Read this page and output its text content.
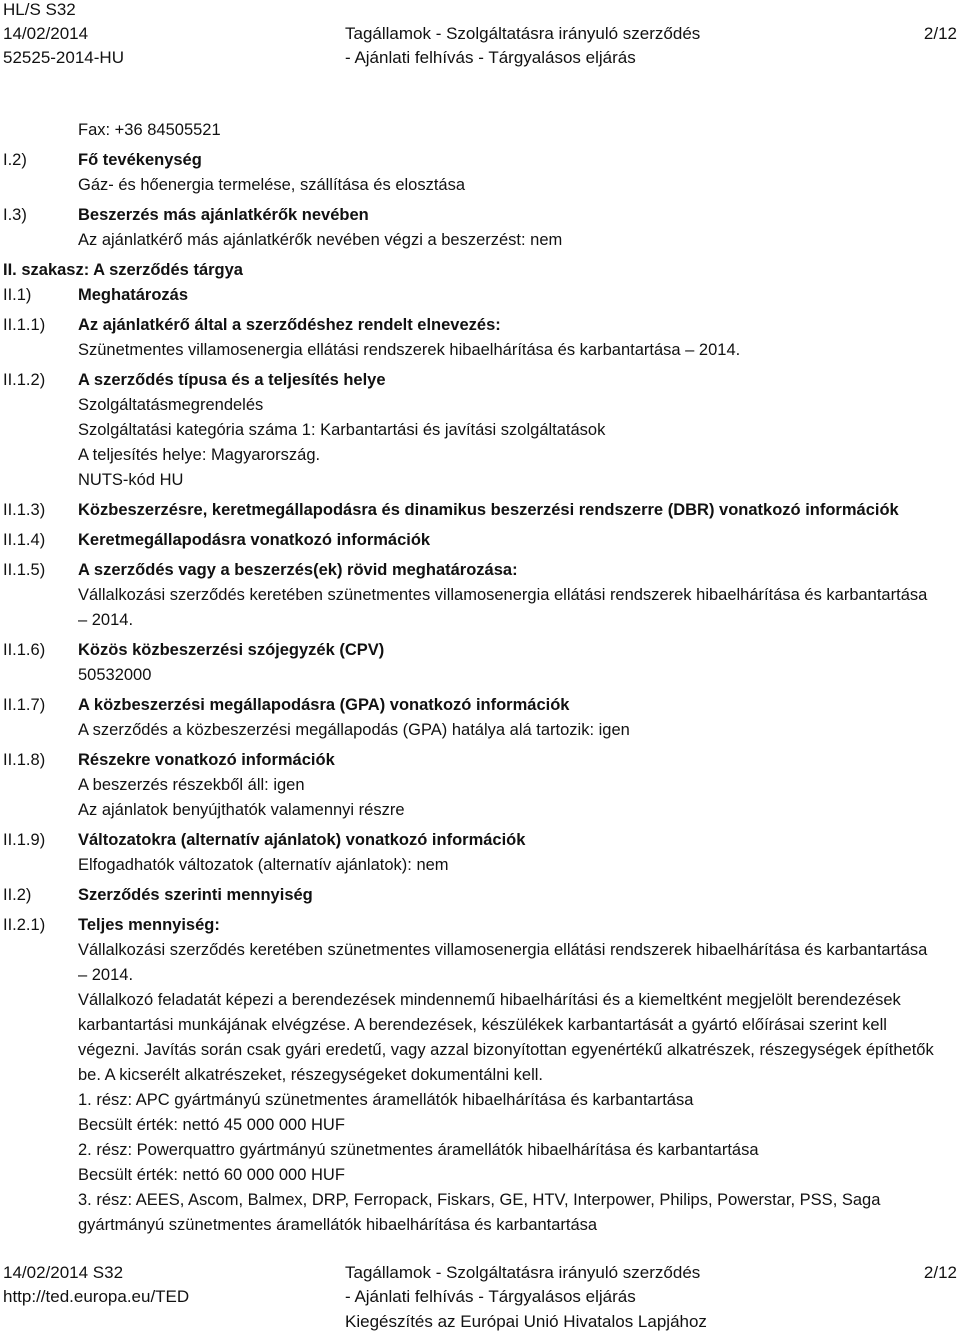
HL/S S32
14/02/2014
52525-2014-HU
Tagállamok - Szolgáltatásra irányuló szerződés
- Ajánlati felhívás - Tárgyalásos eljárás
2/12
Fax: +36 84505521
I.2)	Fő tevékenység
Gáz- és hőenergia termelése, szállítása és elosztása
I.3)	Beszerzés más ajánlatkérők nevében
Az ajánlatkérő más ajánlatkérők nevében végzi a beszerzést: nem
II. szakasz: A szerződés tárgya
II.1)	Meghatározás
II.1.1)	Az ajánlatkérő által a szerződéshez rendelt elnevezés:
Szünetmentes villamosenergia ellátási rendszerek hibaelhárítása és karbantartása – 2014.
II.1.2)	A szerződés típusa és a teljesítés helye
Szolgáltatásmegrendelés
Szolgáltatási kategória száma 1: Karbantartási és javítási szolgáltatások
A teljesítés helye: Magyarország.
NUTS-kód HU
II.1.3)	Közbeszerzésre, keretmegállapodásra és dinamikus beszerzési rendszerre (DBR) vonatkozó információk
II.1.4)	Keretmegállapodásra vonatkozó információk
II.1.5)	A szerződés vagy a beszerzés(ek) rövid meghatározása:
Vállalkozási szerződés keretében szünetmentes villamosenergia ellátási rendszerek hibaelhárítása és karbantartása – 2014.
II.1.6)	Közös közbeszerzési szójegyzék (CPV)
50532000
II.1.7)	A közbeszerzési megállapodásra (GPA) vonatkozó információk
A szerződés a közbeszerzési megállapodás (GPA) hatálya alá tartozik: igen
II.1.8)	Részekre vonatkozó információk
A beszerzés részekből áll: igen
Az ajánlatok benyújthatók valamennyi részre
II.1.9)	Változatokra (alternatív ajánlatok) vonatkozó információk
Elfogadhatók változatok (alternatív ajánlatok): nem
II.2)	Szerződés szerinti mennyiség
II.2.1)	Teljes mennyiség:
Vállalkozási szerződés keretében szünetmentes villamosenergia ellátási rendszerek hibaelhárítása és karbantartása – 2014.
Vállalkozó feladatát képezi a berendezések mindennemű hibaelhárítási és a kiemeltként megjelölt berendezések karbantartási munkájának elvégzése. A berendezések, készülékek karbantartását a gyártó előírásai szerint kell végezni. Javítás során csak gyári eredetű, vagy azzal bizonyítottan egyenértékű alkatrészek, részegységek építhetők be. A kicserélt alkatrészeket, részegységeket dokumentálni kell.
1. rész: APC gyártmányú szünetmentes áramellátók hibaelhárítása és karbantartása
Becsült érték: nettó 45 000 000 HUF
2. rész: Powerquattro gyártmányú szünetmentes áramellátók hibaelhárítása és karbantartása
Becsült érték: nettó 60 000 000 HUF
3. rész: AEES, Ascom, Balmex, DRP, Ferropack, Fiskars, GE, HTV, Interpower, Philips, Powerstar, PSS, Saga gyártmányú szünetmentes áramellátók hibaelhárítása és karbantartása
14/02/2014 S32
http://ted.europa.eu/TED
Tagállamok - Szolgáltatásra irányuló szerződés
- Ajánlati felhívás - Tárgyalásos eljárás
Kiegészítés az Európai Unió Hivatalos Lapjához
2/12
